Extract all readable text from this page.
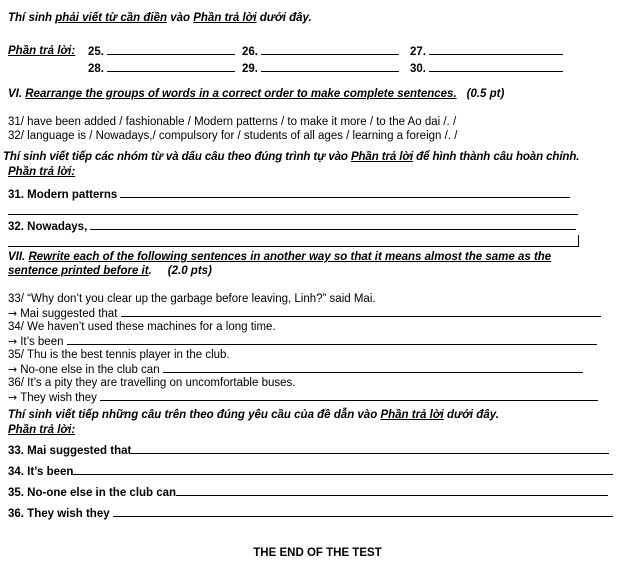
Thí sinh phải viết từ cần điền vào Phần trả lời dưới đây.
Phần trả lời: 25.	26.	27.
28.	29.	30.
VI. Rearrange the groups of words in a correct order to make complete sentences. (0.5 pt)
31/ have been added / fashionable / Modern patterns / to make it more / to the Ao dai /. /
32/ language is / Nowadays,/ compulsory for / students of all ages / learning a foreign /. /
Thí sinh viết tiếp các nhóm từ và dấu câu theo đúng trình tự vào Phần trả lời để hình thành câu hoàn chỉnh.
Phần trả lời:
31. Modern patterns
32. Nowadays,
VII. Rewrite each of the following sentences in another way so that it means almost the same as the
sentence printed before it. (2.0 pts)
33/ “Why don’t you clear up the garbage before leaving, Linh?” said Mai.
→ Mai suggested that
34/ We haven’t used these machines for a long time.
→ It’s been
35/ Thu is the best tennis player in the club.
→ No-one else in the club can
36/ It’s a pity they are travelling on uncomfortable buses.
→ They wish they
Thí sinh viết tiếp những câu trên theo đúng yêu cầu của đề dẫn vào Phần trả lời dưới đây.
Phần trả lời:
33. Mai suggested that
34. It’s been
35. No-one else in the club can
36. They wish they
THE END OF THE TEST
